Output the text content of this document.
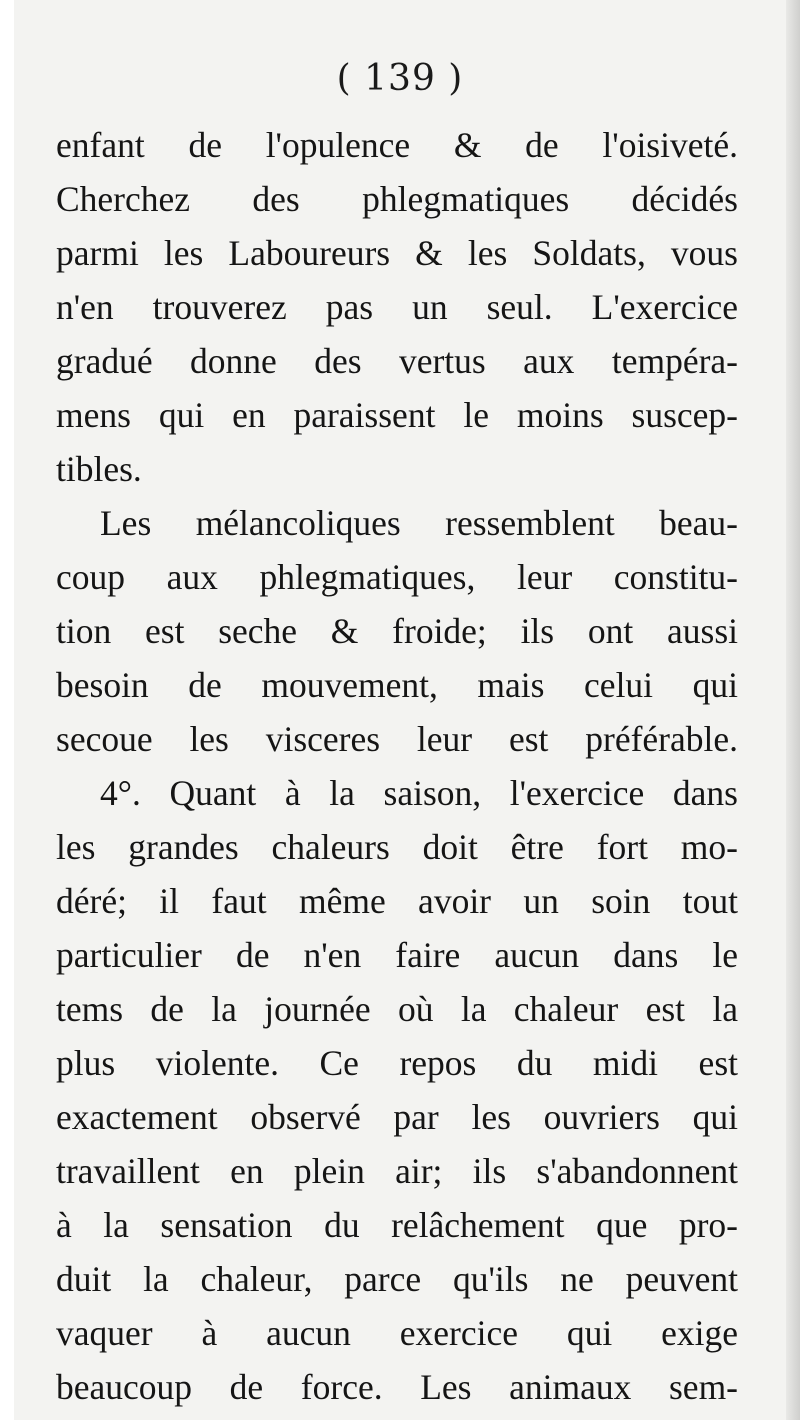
( 139 )
enfant de l'opulence & de l'oisiveté.
Cherchez des phlegmatiques décidés
parmi les Laboureurs & les Soldats, vous
n'en trouverez pas un seul. L'exercice
gradué donne des vertus aux tempéra-
mens qui en paraissent le moins suscep-
tibles.
Les mélancoliques ressemblent beau-
coup aux phlegmatiques, leur constitu-
tion est seche & froide; ils ont aussi
besoin de mouvement, mais celui qui
secoue les visceres leur est préférable.
4°. Quant à la saison, l'exercice dans
les grandes chaleurs doit être fort mo-
déré; il faut même avoir un soin tout
particulier de n'en faire aucun dans le
tems de la journée où la chaleur est la
plus violente. Ce repos du midi est
exactement observé par les ouvriers qui
travaillent en plein air; ils s'abandonnent
à la sensation du relâchement que pro-
duit la chaleur, parce qu'ils ne peuvent
vaquer à aucun exercice qui exige
beaucoup de force. Les animaux sem-
